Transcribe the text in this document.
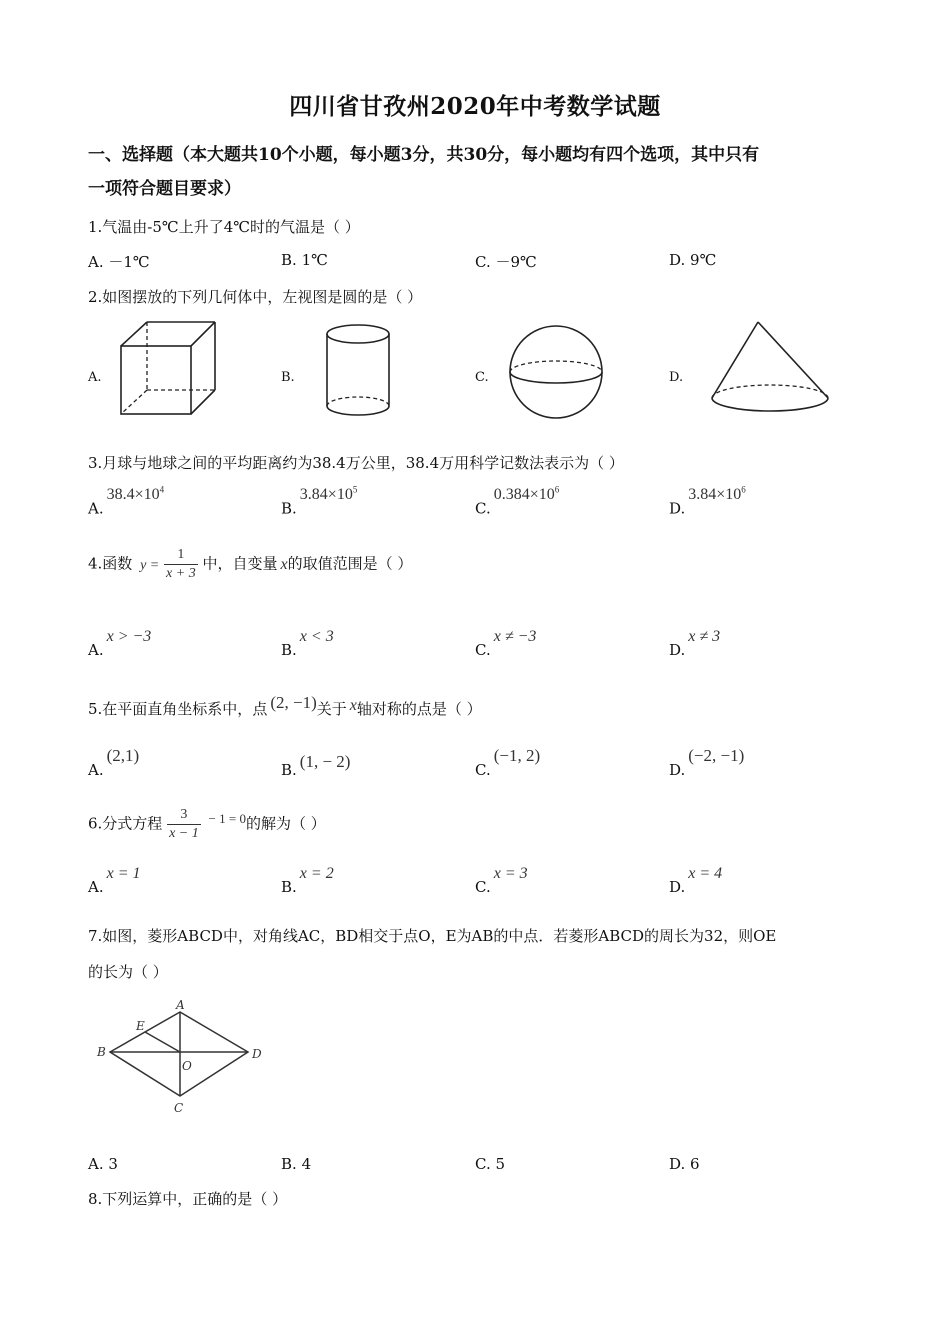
四川省甘孜州2020年中考数学试题
一、选择题（本大题共10个小题，每小题3分，共30分，每小题均有四个选项，其中只有
一项符合题目要求）
1.气温由-5℃上升了4℃时的气温是（ ）
A. －1℃	B. 1℃	C. －9℃	D. 9℃
2.如图摆放的下列几何体中，左视图是圆的是（ ）
A.	B.	C.	D.
3.月球与地球之间的平均距离约为38.4万公里，38.4万用科学记数法表示为（ ）
$A.38.4\times 10^4$
$B.3.84\times 10^5$
$C.0.384\times 10^6$
$D.3.84\times 10^6$
4.函数 $y = \frac{1}{x + 3}$ 中，自变量 x的取值范围是（ ）
A.x > −3
B.x < 3
C.x ≠ −3
D.x ≠ 3
5.在平面直角坐标系中，点 (2, −1)关于 x轴对称的点是（ ）
A.(2,1)
B. (1, − 2)	C.(−1, 2)
D.(−2, −1)
6.分式方程 $\frac{3}{x - 1} - 1 = 0$的解为（ ）
A.x = 1
B.x = 2
C.x = 3
D.x = 4
7.如图，菱形ABCD中，对角线AC，BD相交于点O，E为AB的中点．若菱形ABCD的周长为32，则OE
的长为（ ）
A
B
C
D
E
O
A. 3	B. 4	C. 5	D. 6
8.下列运算中，正确的是（ ）
